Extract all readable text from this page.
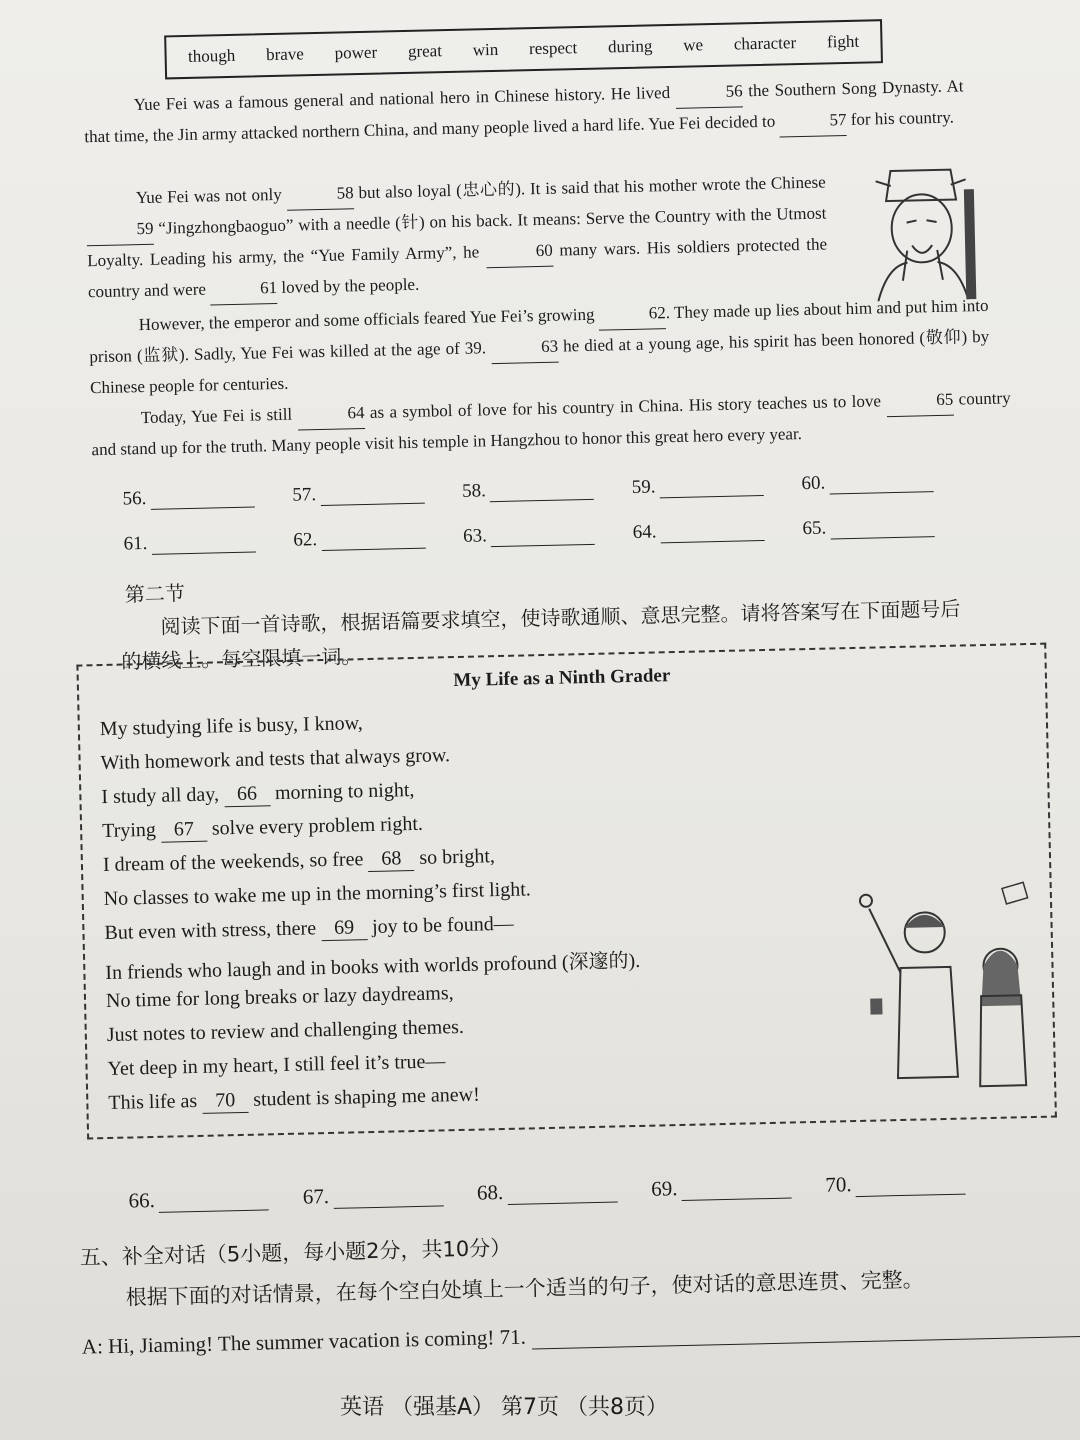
though brave power great win respect during we character fight

Yue Fei was a famous general and national hero in Chinese history. He lived	56 the Southern Song Dynasty. At that time, the Jin army attacked northern China, and many people lived a hard life. Yue Fei decided to	57 for his country.

Yue Fei was not only	58 but also loyal (忠心的). It is said that his mother wrote the Chinese 59 “Jingzhongbaoguo” with a needle (针) on his back. It means: Serve the Country with the Utmost Loyalty. Leading his army, the “Yue Family Army”, he	60 many wars. His soldiers protected the country and were	61 loved by the people.

However, the emperor and some officials feared Yue Fei’s growing	62. They made up lies about him and put him into prison (监狱). Sadly, Yue Fei was killed at the age of 39.	63 he died at a young age, his spirit has been honored (敬仰) by Chinese people for centuries.

Today, Yue Fei is still	64 as a symbol of love for his country in China. His story teaches us to love	65 country and stand up for the truth. Many people visit his temple in Hangzhou to honor this great hero every year.

56.	57.	58.	59.	60.
61.	62.	63.	64.	65.
第二节
阅读下面一首诗歌，根据语篇要求填空，使诗歌通顺、意思完整。请将答案写在下面题号后
的横线上。每空限填一词。
My Life as a Ninth Grader
My studying life is busy, I know,
With homework and tests that always grow.
I study all day, 66 morning to night,
Trying 67 solve every problem right.
I dream of the weekends, so free 68 so bright,
No classes to wake me up in the morning’s first light.
But even with stress, there 69 joy to be found—
In friends who laugh and in books with worlds profound (深邃的).
No time for long breaks or lazy daydreams,
Just notes to review and challenging themes.
Yet deep in my heart, I still feel it’s true—
This life as 70 student is shaping me anew!
66.	67.	68.	69.	70.
五、补全对话（5小题，每小题2分，共10分）
根据下面的对话情景，在每个空白处填上一个适当的句子，使对话的意思连贯、完整。
A: Hi, Jiaming! The summer vacation is coming! 71.
英语 （强基A） 第7页 （共8页）
